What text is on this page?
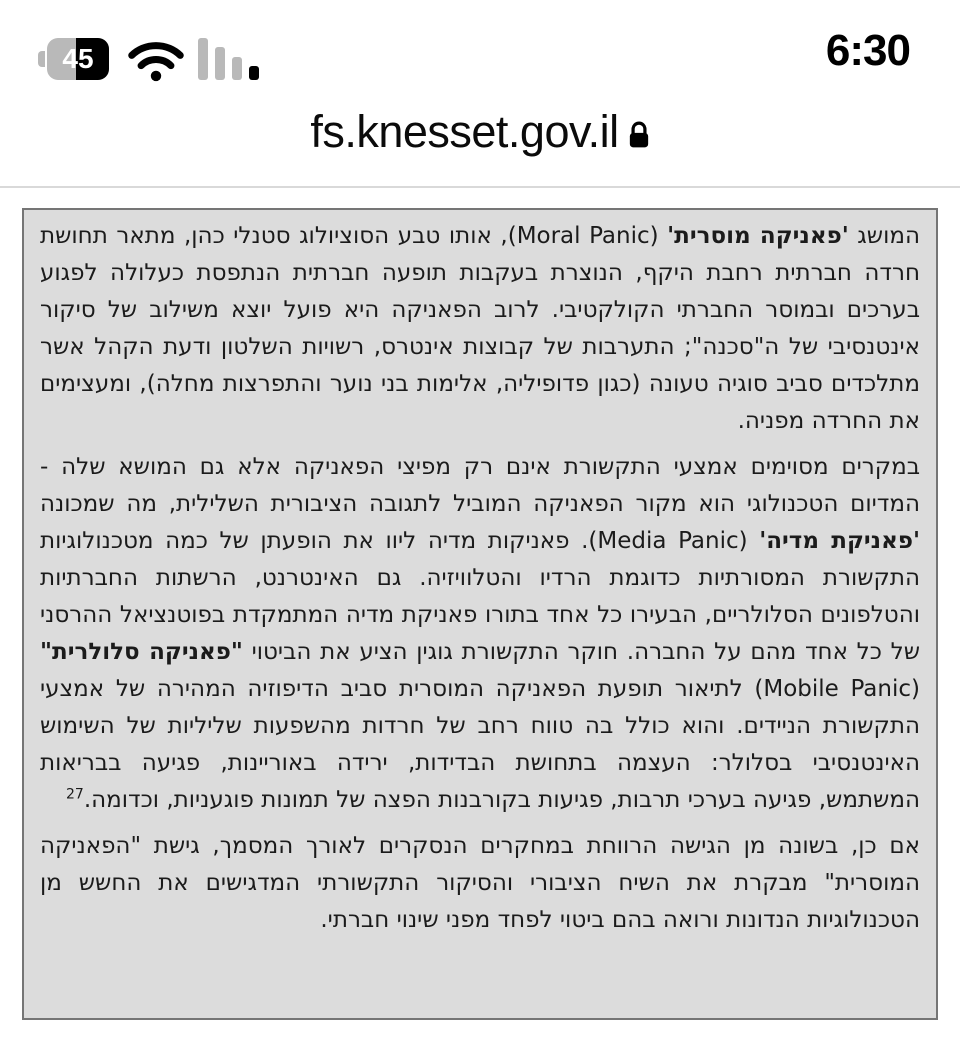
45	6:30
fs.knesset.gov.il

המושג 'פאניקה מוסרית' (Moral Panic), אותו טבע הסוציולוג סטנלי כהן, מתאר תחושת חרדה חברתית רחבת היקף, הנוצרת בעקבות תופעה חברתית הנתפסת כעלולה לפגוע בערכים ובמוסר החברתי הקולקטיבי. לרוב הפאניקה היא פועל יוצא משילוב של סיקור אינטנסיבי של ה"סכנה"; התערבות של קבוצות אינטרס, רשויות השלטון ודעת הקהל אשר מתלכדים סביב סוגיה טעונה (כגון פדופיליה, אלימות בני נוער והתפרצות מחלה), ומעצימים את החרדה מפניה.

במקרים מסוימים אמצעי התקשורת אינם רק מפיצי הפאניקה אלא גם המושא שלה - המדיום הטכנולוגי הוא מקור הפאניקה המוביל לתגובה הציבורית השלילית, מה שמכונה 'פאניקת מדיה' (Media Panic). פאניקות מדיה ליוו את הופעתן של כמה מטכנולוגיות התקשורת המסורתיות כדוגמת הרדיו והטלוויזיה. גם האינטרנט, הרשתות החברתיות והטלפונים הסלולריים, הבעירו כל אחד בתורו פאניקת מדיה המתמקדת בפוטנציאל ההרסני של כל אחד מהם על החברה. חוקר התקשורת גוגין הציע את הביטוי "פאניקה סלולרית" (Mobile Panic) לתיאור תופעת הפאניקה המוסרית סביב הדיפוזיה המהירה של אמצעי התקשורת הניידים. והוא כולל בה טווח רחב של חרדות מהשפעות שליליות של השימוש האינטנסיבי בסלולר: העצמה בתחושת הבדידות, ירידה באוריינות, פגיעה בבריאות המשתמש, פגיעה בערכי תרבות, פגיעות בקורבנות הפצה של תמונות פוגעניות, וכדומה.$^{27}$

אם כן, בשונה מן הגישה הרווחת במחקרים הנסקרים לאורך המסמך, גישת "הפאניקה המוסרית" מבקרת את השיח הציבורי והסיקור התקשורתי המדגישים את החשש מן הטכנולוגיות הנדונות ורואה בהם ביטוי לפחד מפני שינוי חברתי.
